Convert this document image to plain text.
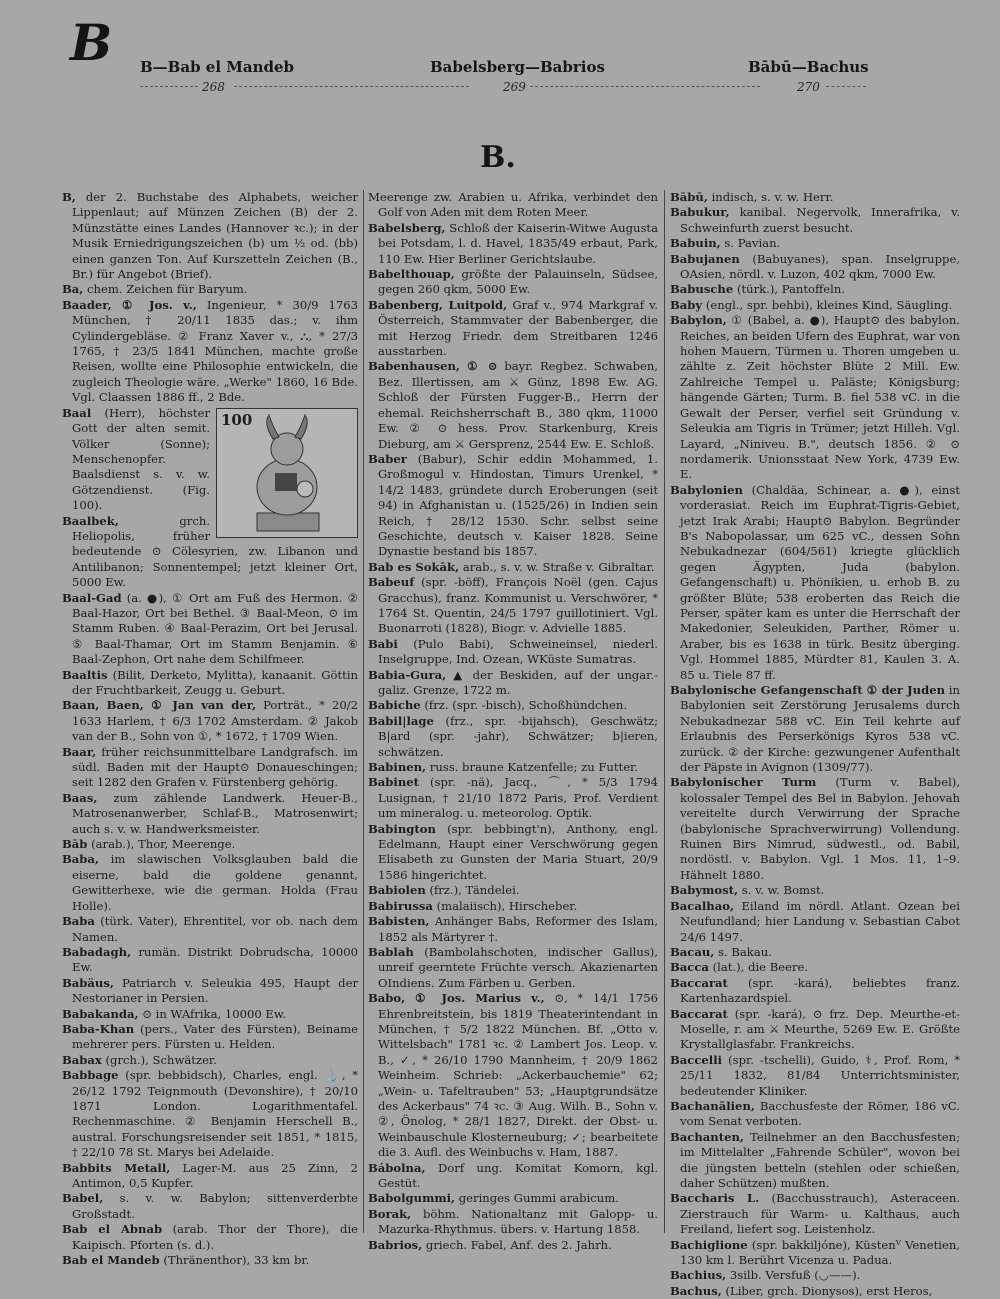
B B—Bab el Mandeb	Babelsberg—Babrios	Bābū—Bachus
268	269	270
B.

B, der 2. Buchstabe des Alphabets, weicher Lippenlaut; auf Münzen Zeichen (B) der 2. Münzstätte eines Landes (Hannover ꝛc.); in der Musik Erniedrigungszeichen (b) um ½ od. (bb) einen ganzen Ton. Auf Kurszetteln Zeichen (B., Br.) für Angebot (Brief).

Ba, chem. Zeichen für Baryum.

Baader, ① Jos. v., Ingenieur, * 30/9 1763 München, † 20/11 1835 das.; v. ihm Cylindergebläse. ② Franz Xaver v., ⛬, * 27/3 1765, † 23/5 1841 München, machte große Reisen, wollte eine Philosophie entwickeln, die zugleich Theologie wäre. „Werke" 1860, 16 Bde. Vgl. Claassen 1886 ff., 2 Bde.

100

Baal (Herr), höchster Gott der alten semit. Völker (Sonne); Menschenopfer. Baalsdienst s. v. w. Götzendienst. (Fig. 100).

Baalbek,	grch. Heliopolis, früher bedeutende ⊙ Cölesyrien, zw. Libanon und Antilibanon; Sonnentempel; jetzt kleiner Ort, 5000 Ew.

Baal-Gad (a. ●), ① Ort am Fuß des Hermon. ② Baal-Hazor, Ort bei Bethel. ③ Baal-Meon, ⊙ im Stamm Ruben. ④ Baal-Perazim, Ort bei Jerusal. ⑤ Baal-Thamar, Ort im Stamm Benjamin. ⑥ Baal-Zephon, Ort nahe dem Schilfmeer.

Baaltis (Bilit, Derketo, Mylitta), kanaanit. Göttin der Fruchtbarkeit, Zeugg u. Geburt.

Baan, Baen, ① Jan van der, Porträt., * 20/2 1633 Harlem, † 6/3 1702 Amsterdam. ② Jakob van der B., Sohn von ①, * 1672, † 1709 Wien.

Baar, früher reichsunmittelbare Landgrafsch. im südl. Baden mit der Haupt⊙ Donaueschingen; seit 1282 den Grafen v. Fürstenberg gehörig.

Baas, zum zählende Landwerk. Heuer-B., Matrosenanwerber, Schlaf-B., Matrosenwirt; auch s. v. w. Handwerksmeister.

Bāb (arab.), Thor, Meerenge.

Baba, im slawischen Volksglauben bald die eiserne, bald die goldene genannt, Gewitterhexe, wie die german. Holda (Frau Holle).

Baba (türk. Vater), Ehrentitel, vor ob. nach dem Namen.

Babadagh, rumän. Distrikt Dobrudscha, 10000 Ew.

Babäus, Patriarch v. Seleukia 495, Haupt der Nestorianer in Persien.

Babakanda, ⊙ in WAfrika, 10000 Ew.

Baba-Khan (pers., Vater des Fürsten), Beiname mehrerer pers. Fürsten u. Helden.

Babax (grch.), Schwätzer.

Babbage (spr. bebbidsch), Charles, engl. ⚓, * 26/12 1792 Teignmouth (Devonshire), † 20/10 1871 London. Logarithmentafel. Rechenmaschine. ② Benjamin Herschell B., austral. Forschungsreisender seit 1851, * 1815, † 22/10 78 St. Marys bei Adelaide.

Babbits Metall, Lager-M. aus 25 Zinn, 2 Antimon, 0,5 Kupfer.

Babel, s. v. w. Babylon; sittenverderbte Großstadt.

Bab el Abnab (arab. Thor der Thore), die Kaipisch. Pforten (s. d.).

Bab el Mandeb (Thränenthor), 33 km br.

Meerenge zw. Arabien u. Afrika, verbindet den Golf von Aden mit dem Roten Meer.

Babelsberg, Schloß der Kaiserin-Witwe Augusta bei Potsdam, l. d. Havel, 1835/49 erbaut, Park, 110 Ew. Hier Berliner Gerichtslaube.

Babelthouap, größte der Palauinseln, Südsee, gegen 260 qkm, 5000 Ew.

Babenberg, Luitpold, Graf v., 974 Markgraf v. Österreich, Stammvater der Babenberger, die mit Herzog Friedr. dem Streitbaren 1246 ausstarben.

Babenhausen, ① ⊙ bayr. Regbez. Schwaben, Bez. Illertissen, am ⚔ Günz, 1898 Ew. AG. Schloß der Fürsten Fugger-B., Herrn der ehemal. Reichsherrschaft B., 380 qkm, 11000 Ew. ② ⊙ hess. Prov. Starkenburg, Kreis Dieburg, am ⚔ Gersprenz, 2544 Ew. E. Schloß.

Baber (Babur), Schir eddin Mohammed, 1. Großmogul v. Hindostan, Timurs Urenkel, * 14/2 1483, gründete durch Eroberungen (seit 94) in Afghanistan u. (1525/26) in Indien sein Reich, † 28/12 1530. Schr. selbst seine Geschichte, deutsch v. Kaiser 1828. Seine Dynastie bestand bis 1857.

Bab es Sokāk, arab., s. v. w. Straße v. Gibraltar.

Babeuf (spr. -böff), François Noël (gen. Cajus Gracchus), franz. Kommunist u. Verschwörer, * 1764 St. Quentin, 24/5 1797 guillotiniert. Vgl. Buonarroti (1828), Biogr. v. Advielle 1885.

Babi (Pulo Babi), Schweineinsel, niederl. Inselgruppe, Ind. Ozean, WKüste Sumatras.

Babia-Gura, ▲ der Beskiden, auf der ungar.-galiz. Grenze, 1722 m.

Babiche (frz. (spr. -bisch), Schoßhündchen.

Babil|lage (frz., spr. -bijahsch), Geschwätz; B|ard (spr. -jahr), Schwätzer; b|ieren, schwätzen.

Babinen, russ. braune Katzenfelle; zu Futter.

Babinet (spr. -nä), Jacq., ⌒, * 5/3 1794 Lusignan, † 21/10 1872 Paris, Prof. Verdient um mineralog. u. meteorolog. Optik.

Babington (spr. bebbingt'n), Anthony, engl. Edelmann, Haupt einer Verschwörung gegen Elisabeth zu Gunsten der Maria Stuart, 20/9 1586 hingerichtet.

Babiolen (frz.), Tändelei.

Babirussa (malaiisch), Hirscheber.

Babisten, Anhänger Babs, Reformer des Islam, 1852 als Märtyrer †.

Bablah (Bambolahschoten, indischer Gallus), unreif geerntete Früchte versch. Akazienarten OIndiens. Zum Färben u. Gerben.

Babo, ① Jos. Marius v., ⊙, * 14/1 1756 Ehrenbreitstein, bis 1819 Theaterintendant in München, † 5/2 1822 München. Bf. „Otto v. Wittelsbach" 1781 ꝛc. ② Lambert Jos. Leop. v. B., ✓, * 26/10 1790 Mannheim, † 20/9 1862 Weinheim. Schrieb: „Ackerbauchemie" 62; „Wein- u. Tafeltrauben" 53; „Hauptgrundsätze des Ackerbaus" 74 ꝛc. ③ Aug. Wilh. B., Sohn v. ②, Önolog, * 28/1 1827, Direkt. der Obst- u. Weinbauschule Klosterneuburg; ✓; bearbeitete die 3. Aufl. des Weinbuchs v. Ham, 1887.

Bábolna, Dorf ung. Komitat Komorn, kgl. Gestüt.

Babolgummi, geringes Gummi arabicum.

Borak, böhm. Nationaltanz mit Galopp- u. Mazurka-Rhythmus. übers. v. Hartung 1858.

Babrios, griech. Fabel, Anf. des 2. Jahrh.

Bābū, indisch, s. v. w. Herr.

Babukur, kanibal. Negervolk, Innerafrika, v. Schweinfurth zuerst besucht.

Babuin, s. Pavian.

Babujanen (Babuyanes), span. Inselgruppe, OAsien, nördl. v. Luzon, 402 qkm, 7000 Ew.

Babusche (türk.), Pantoffeln.

Baby (engl., spr. behbi), kleines Kind, Säugling.

Babylon, ① (Babel, a. ●), Haupt⊙ des babylon. Reiches, an beiden Ufern des Euphrat, war von hohen Mauern, Türmen u. Thoren umgeben u. zählte z. Zeit höchster Blüte 2 Mill. Ew. Zahlreiche Tempel u. Paläste; Königsburg; hängende Gärten; Turm. B. fiel 538 vC. in die Gewalt der Perser, verfiel seit Gründung v. Seleukia am Tigris in Trümer; jetzt Hilleh. Vgl. Layard, „Niniveu. B.", deutsch 1856. ② ⊙ nordamerik. Unionsstaat New York, 4739 Ew. E.

Babylonien (Chaldäa, Schinear, a. ●), einst vorderasiat. Reich im Euphrat-Tigris-Gebiet, jetzt Irak Arabi; Haupt⊙ Babylon. Begründer B's Nabopolassar, um 625 vC., dessen Sohn Nebukadnezar (604/561) kriegte glücklich gegen Ägypten, Juda (babylon. Gefangenschaft) u. Phönikien, u. erhob B. zu größter Blüte; 538 eroberten das Reich die Perser, später kam es unter die Herrschaft der Makedonier, Seleukiden, Parther, Römer u. Araber, bis es 1638 in türk. Besitz überging. Vgl. Hommel 1885, Mürdter 81, Kaulen 3. A. 85 u. Tiele 87 ff.

Babylonische Gefangenschaft ① der Juden in Babylonien seit Zerstörung Jerusalems durch Nebukadnezar 588 vC. Ein Teil kehrte auf Erlaubnis des Perserkönigs Kyros 538 vC. zurück. ② der Kirche: gezwungener Aufenthalt der Päpste in Avignon (1309/77).

Babylonischer Turm (Turm v. Babel), kolossaler Tempel des Bel in Babylon. Jehovah vereitelte durch Verwirrung der Sprache (babylonische Sprachverwirrung) Vollendung. Ruinen Birs Nimrud, südwestl., od. Babil, nordöstl. v. Babylon. Vgl. 1 Mos. 11, 1–9. Hähnelt 1880.

Babymost, s. v. w. Bomst.

Bacalhao, Eiland im nördl. Atlant. Ozean bei Neufundland; hier Landung v. Sebastian Cabot 24/6 1497.

Bacau, s. Bakau.

Bacca (lat.), die Beere.

Baccarat (spr. -kará), beliebtes franz. Kartenhazardspiel.

Baccarat (spr. -kará), ⊙ frz. Dep. Meurthe-et-Moselle, r. am ⚔ Meurthe, 5269 Ew. E. Größte Krystallglasfabr. Frankreichs.

Baccelli (spr. -tschelli), Guido, ⚕, Prof. Rom, * 25/11 1832, 81/84 Unterrichtsminister, bedeutender Kliniker.

Bachanālien, Bacchusfeste der Römer, 186 vC. vom Senat verboten.

Bachanten, Teilnehmer an den Bacchusfesten; im Mittelalter „Fahrende Schüler", wovon bei die jüngsten betteln (stehlen oder schießen, daher Schützen) mußten.

Baccharis L. (Bacchusstrauch), Asteraceen. Zierstrauch für Warm- u. Kalthaus, auch Freiland, liefert sog. Leistenholz.

Bachiglione (spr. bakkiljóne), Küstenⱽ Venetien, 130 km l. Berührt Vicenza u. Padua.

Bachius, 3silb. Versfuß (◡——).

Bachus, (Liber, grch. Dionysos), erst Heros,
